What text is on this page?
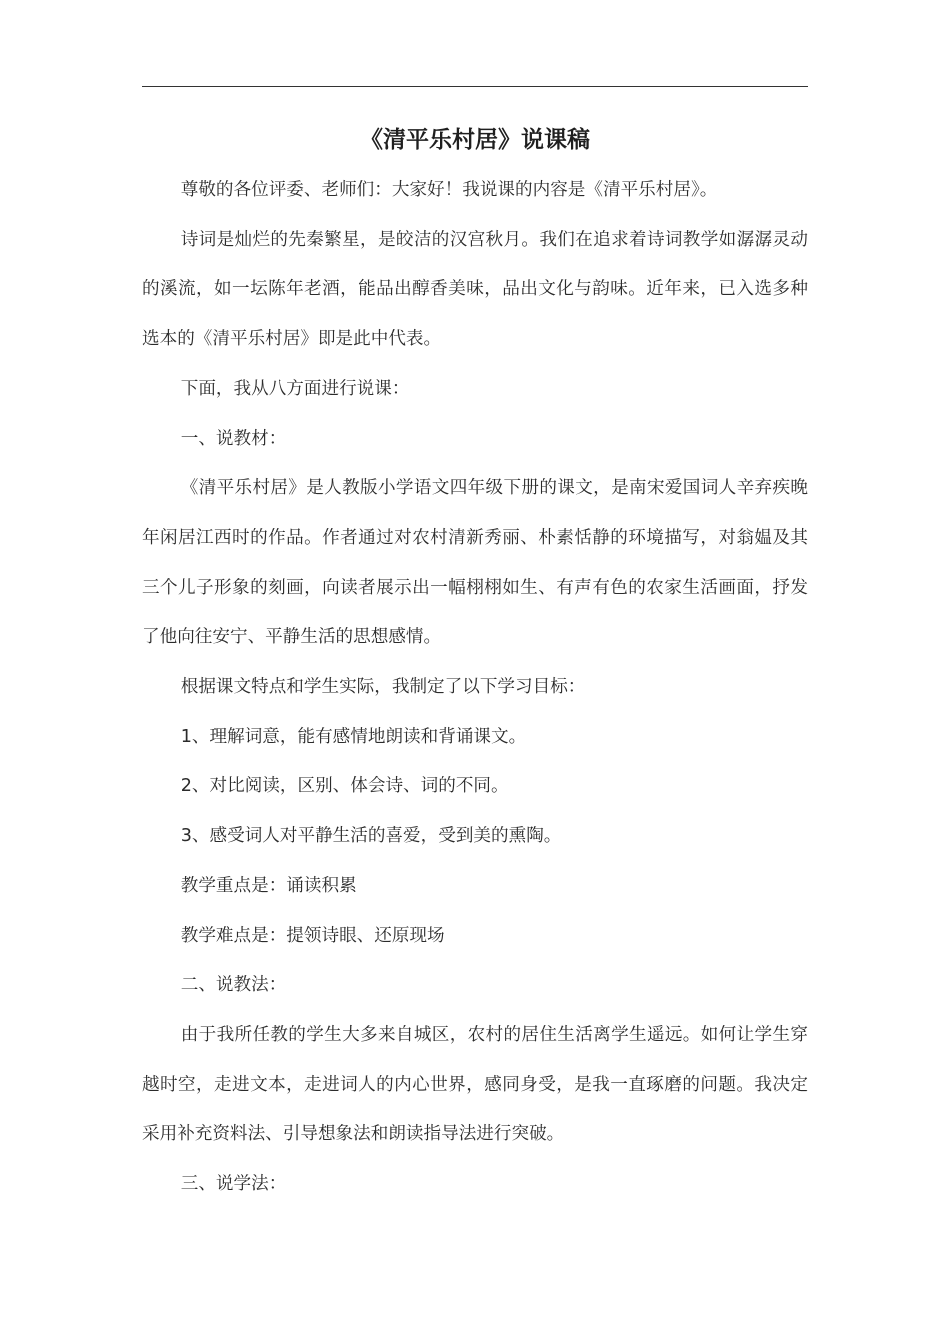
《清平乐村居》说课稿

尊敬的各位评委、老师们：大家好！我说课的内容是《清平乐村居》。

诗词是灿烂的先秦繁星，是皎洁的汉宫秋月。我们在追求着诗词教学如潺潺灵动的溪流，如一坛陈年老酒，能品出醇香美味，品出文化与韵味。近年来，已入选多种选本的《清平乐村居》即是此中代表。

下面，我从八方面进行说课：

一、说教材：

《清平乐村居》是人教版小学语文四年级下册的课文，是南宋爱国词人辛弃疾晚年闲居江西时的作品。作者通过对农村清新秀丽、朴素恬静的环境描写，对翁媪及其三个儿子形象的刻画，向读者展示出一幅栩栩如生、有声有色的农家生活画面，抒发了他向往安宁、平静生活的思想感情。

根据课文特点和学生实际，我制定了以下学习目标：

1、理解词意，能有感情地朗读和背诵课文。

2、对比阅读，区别、体会诗、词的不同。

3、感受词人对平静生活的喜爱，受到美的熏陶。

教学重点是：诵读积累

教学难点是：提领诗眼、还原现场

二、说教法：

由于我所任教的学生大多来自城区，农村的居住生活离学生遥远。如何让学生穿越时空，走进文本，走进词人的内心世界，感同身受，是我一直琢磨的问题。我决定采用补充资料法、引导想象法和朗读指导法进行突破。

三、说学法：
